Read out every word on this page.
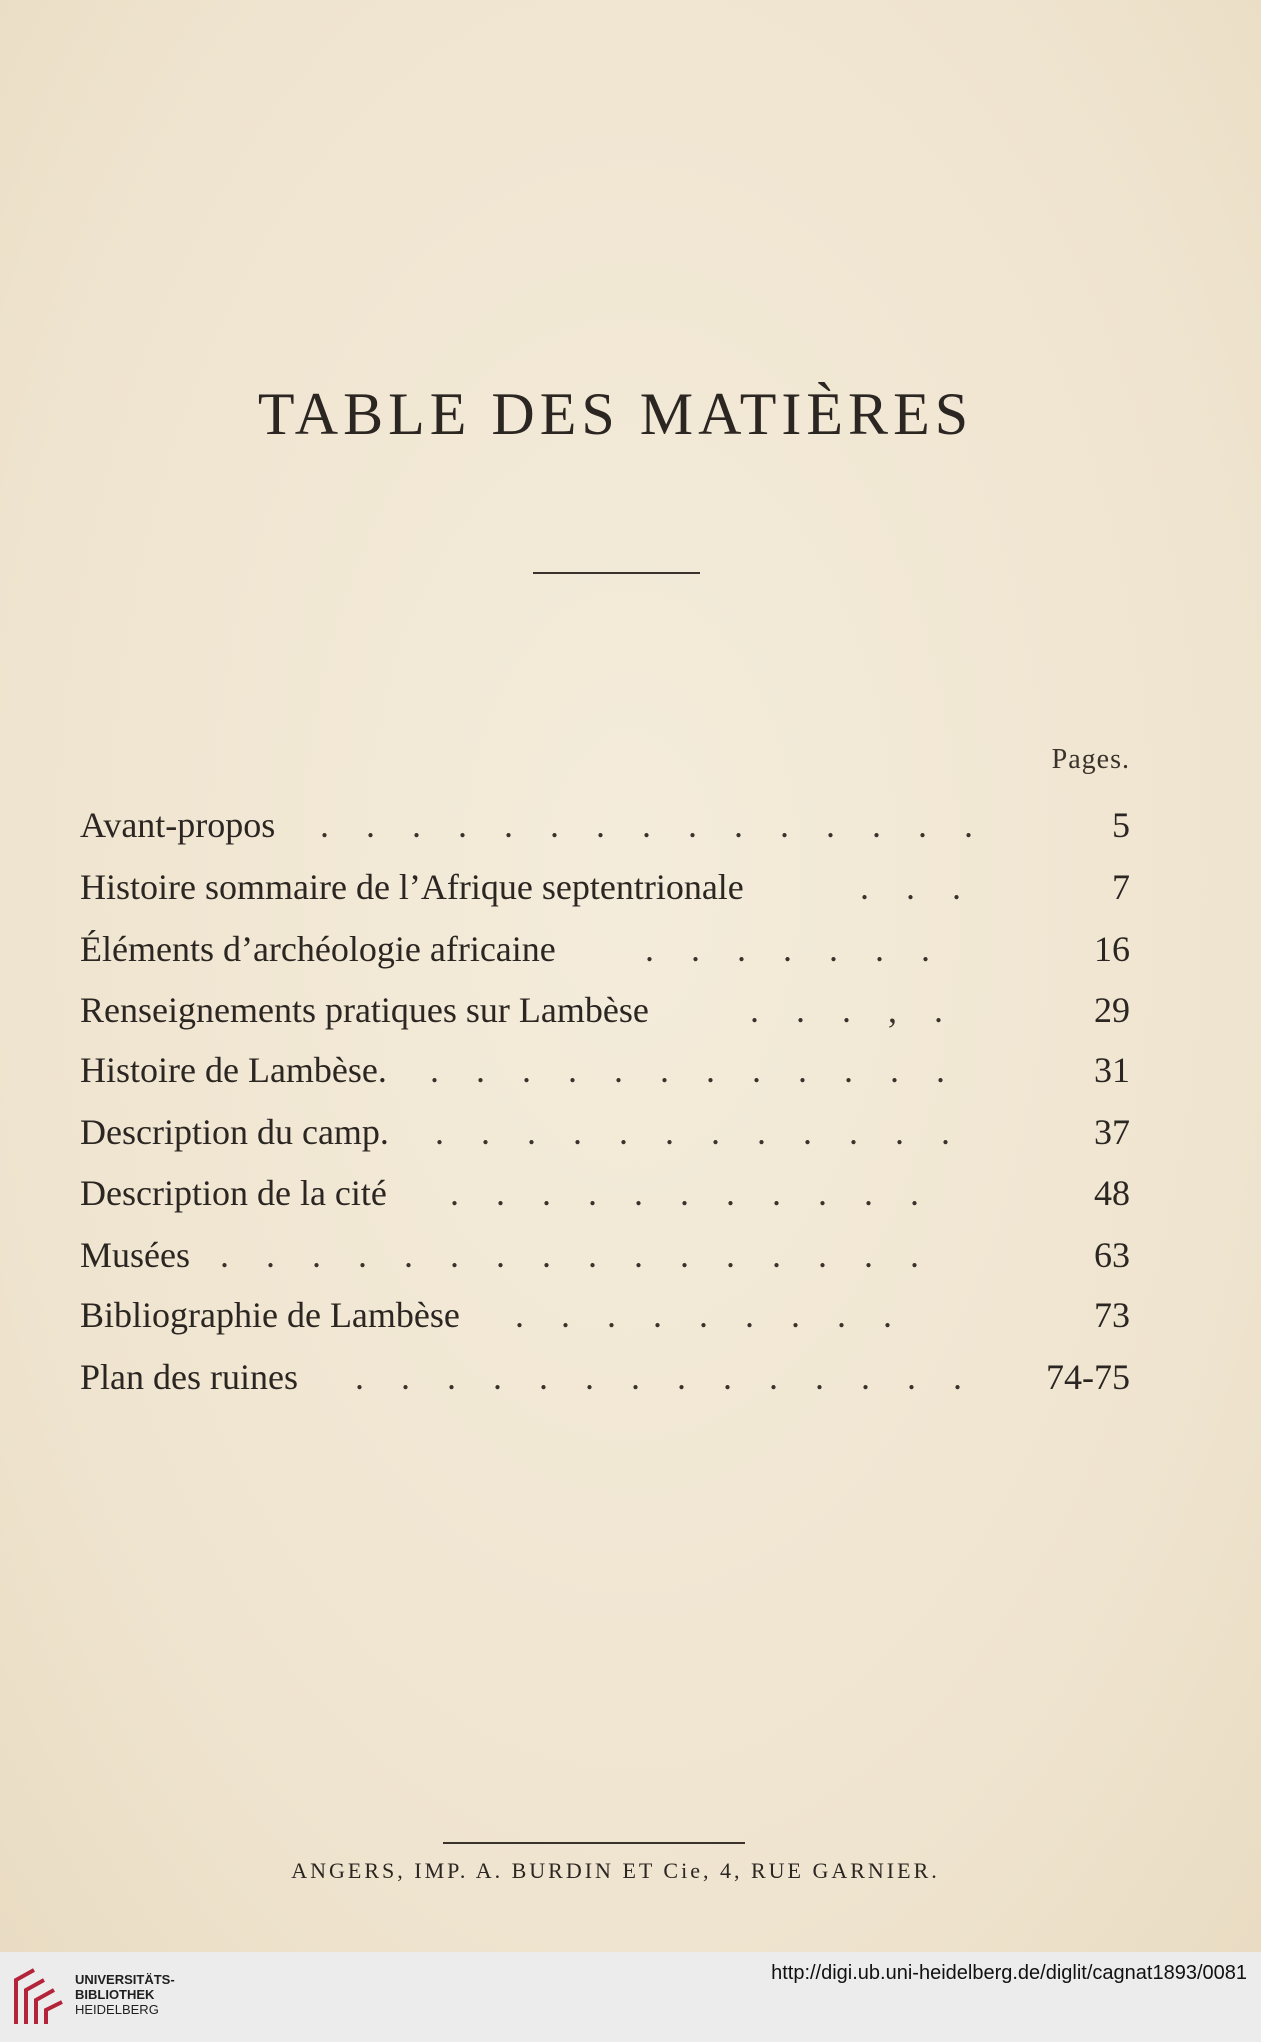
TABLE DES MATIÈRES
Pages.
Avant-propos . . . . . . . . . . . . . . .	5
Histoire sommaire de l’Afrique septentrionale	. . .	7
Éléments d’archéologie africaine . . . . . . .	16
Renseignements pratiques sur Lambèse	. . . , .	29
Histoire de Lambèse. . . . . . . . . . . . .	31
Description du camp. . . . . . . . . . . . .	37
Description de la cité . . . . . . . . . . .	48
Musées . . . . . . . . . . . . . . . .	63
Bibliographie de Lambèse . . . . . . . . .	73
Plan des ruines . . . . . . . . . . . . . . 74-75
ANGERS, IMP. A. BURDIN ET Cie, 4, RUE GARNIER.
UNIVERSITÄTS-
BIBLIOTHEK
HEIDELBERG
http://digi.ub.uni-heidelberg.de/diglit/cagnat1893/0081
